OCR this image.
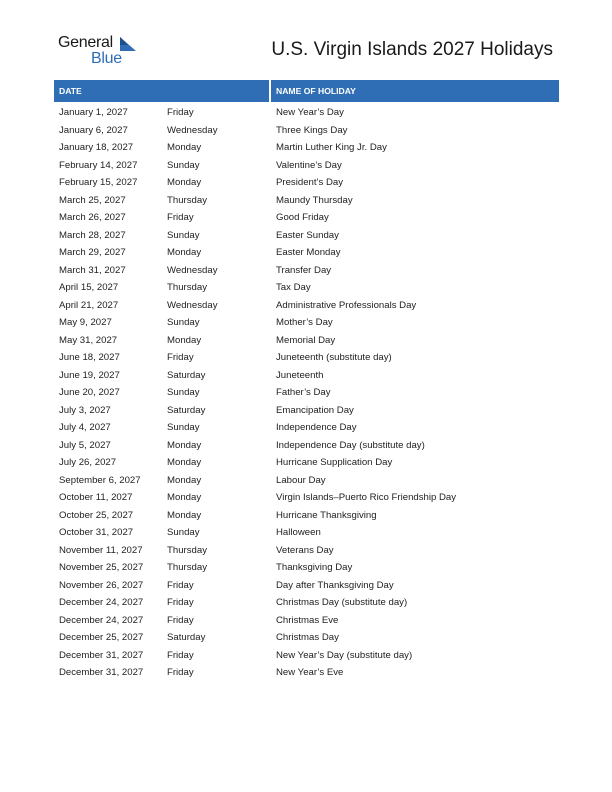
General
Blue	U.S. Virgin Islands 2027 Holidays
DATE	NAME OF HOLIDAY
January 1, 2027	Friday	New Year’s Day
January 6, 2027	Wednesday	Three Kings Day
January 18, 2027	Monday	Martin Luther King Jr. Day
February 14, 2027	Sunday	Valentine’s Day
February 15, 2027	Monday	President’s Day
March 25, 2027	Thursday	Maundy Thursday
March 26, 2027	Friday	Good Friday
March 28, 2027	Sunday	Easter Sunday
March 29, 2027	Monday	Easter Monday
March 31, 2027	Wednesday	Transfer Day
April 15, 2027	Thursday	Tax Day
April 21, 2027	Wednesday	Administrative Professionals Day
May 9, 2027	Sunday	Mother’s Day
May 31, 2027	Monday	Memorial Day
June 18, 2027	Friday	Juneteenth (substitute day)
June 19, 2027	Saturday	Juneteenth
June 20, 2027	Sunday	Father’s Day
July 3, 2027	Saturday	Emancipation Day
July 4, 2027	Sunday	Independence Day
July 5, 2027	Monday	Independence Day (substitute day)
July 26, 2027	Monday	Hurricane Supplication Day
September 6, 2027	Monday	Labour Day
October 11, 2027	Monday	Virgin Islands–Puerto Rico Friendship Day
October 25, 2027	Monday	Hurricane Thanksgiving
October 31, 2027	Sunday	Halloween
November 11, 2027	Thursday	Veterans Day
November 25, 2027	Thursday	Thanksgiving Day
November 26, 2027	Friday	Day after Thanksgiving Day
December 24, 2027	Friday	Christmas Day (substitute day)
December 24, 2027	Friday	Christmas Eve
December 25, 2027	Saturday	Christmas Day
December 31, 2027	Friday	New Year’s Day (substitute day)
December 31, 2027	Friday	New Year’s Eve
